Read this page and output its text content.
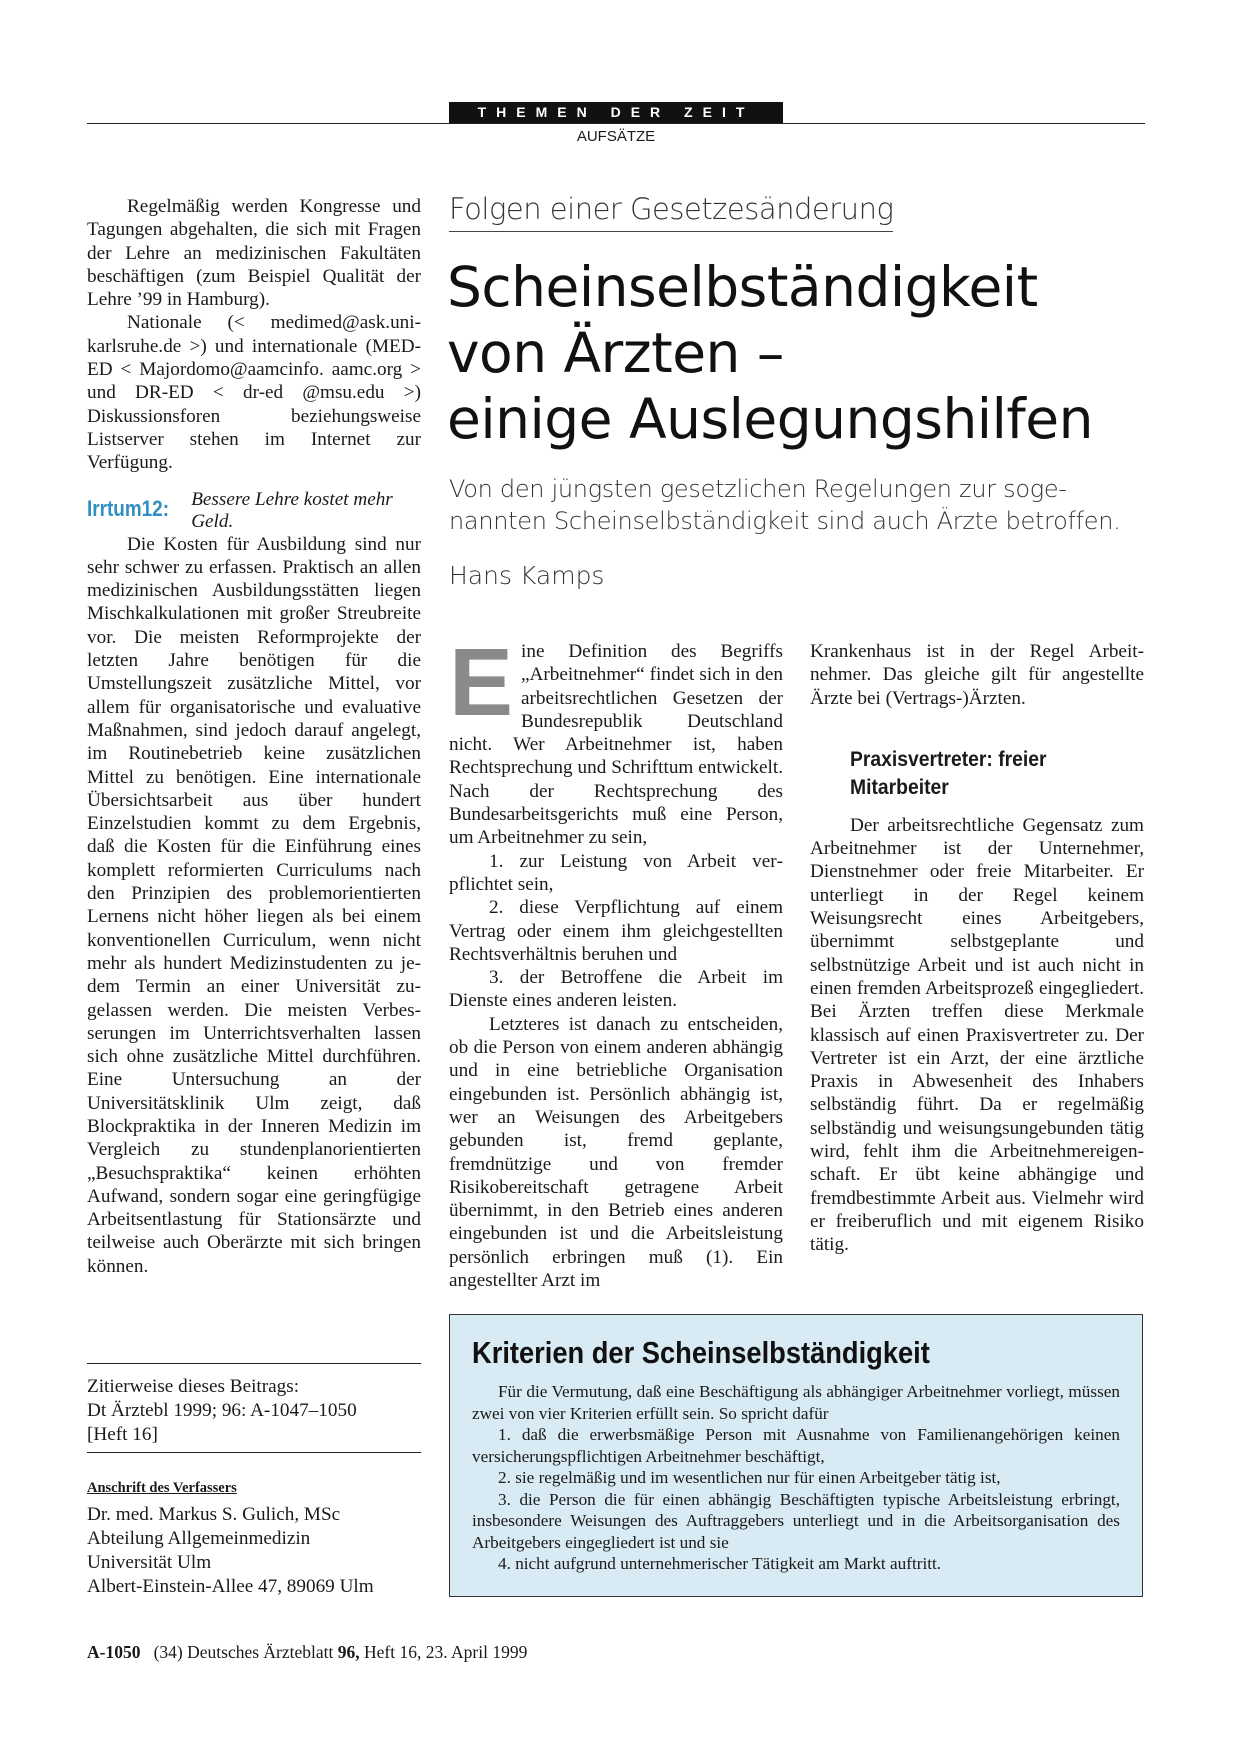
THEMEN DER ZEIT
AUFSÄTZE

Regelmäßig werden Kongresse und Tagungen abgehalten, die sich mit Fragen der Lehre an medizinischen Fakultäten beschäftigen (zum Beispiel Qualität der Lehre ’99 in Hamburg).

Nationale (< medimed@ask.unikarlsruhe.de >) und internationale (MED-ED < Majordomo@aamcinfo. aamc.org > und DR-ED < dr-ed @msu.edu >) Diskussionsforen beziehungsweise Listserver stehen im Internet zur Verfügung.

Irrtum12: Bessere Lehre kostet mehr Geld.

Die Kosten für Ausbildung sind nur sehr schwer zu erfassen. Praktisch an allen medizinischen Ausbildungsstätten liegen Mischkalkulationen mit großer Streubreite vor. Die meisten Reformprojekte der letzten Jahre benötigen für die Umstellungszeit zusätzliche Mittel, vor allem für organisatorische und evaluative Maßnahmen, sind jedoch darauf angelegt, im Routinebetrieb keine zusätzlichen Mittel zu benötigen. Eine internationale Übersichtsarbeit aus über hundert Einzelstudien kommt zu dem Ergebnis, daß die Kosten für die Einführung eines komplett reformierten Curriculums nach den Prinzipien des problemorientierten Lernens nicht höher liegen als bei einem konventionellen Curriculum, wenn nicht mehr als hundert Medizinstudenten zu jedem Termin an einer Universität zugelassen werden. Die meisten Verbesserungen im Unterrichtsverhalten lassen sich ohne zusätzliche Mittel durchführen. Eine Untersuchung an der Universitätsklinik Ulm zeigt, daß Blockpraktika in der Inneren Medizin im Vergleich zu stundenplanorientierten „Besuchspraktika“ keinen erhöhten Aufwand, sondern sogar eine geringfügige Arbeitsentlastung für Stationsärzte und teilweise auch Oberärzte mit sich bringen können.

Zitierweise dieses Beitrags:
Dt Ärztebl 1999; 96: A-1047–1050
[Heft 16]
Anschrift des Verfassers
Dr. med. Markus S. Gulich, MSc
Abteilung Allgemeinmedizin
Universität Ulm
Albert-Einstein-Allee 47, 89069 Ulm
Folgen einer Gesetzesänderung
Scheinselbständigkeit
von Ärzten –
einige Auslegungshilfen
Von den jüngsten gesetzlichen Regelungen zur soge-
nannten Scheinselbständigkeit sind auch Ärzte betroffen.
Hans Kamps

Eine Definition des Begriffs „Arbeitnehmer“ findet sich in den arbeitsrechtlichen Gesetzen der Bundesrepublik Deutschland nicht. Wer Arbeitnehmer ist, haben Rechtsprechung und Schrifttum entwickelt. Nach der Rechtsprechung des Bundesarbeitsgerichts muß eine Person, um Arbeitnehmer zu sein,

1. zur Leistung von Arbeit verpflichtet sein,

2. diese Verpflichtung auf einem Vertrag oder einem ihm gleichgestellten Rechtsverhältnis beruhen und

3. der Betroffene die Arbeit im Dienste eines anderen leisten.

Letzteres ist danach zu entscheiden, ob die Person von einem anderen abhängig und in eine betriebliche Organisation eingebunden ist. Persönlich abhängig ist, wer an Weisungen des Arbeitgebers gebunden ist, fremd geplante, fremdnützige und von fremder Risikobereitschaft getragene Arbeit übernimmt, in den Betrieb eines anderen eingebunden ist und die Arbeitsleistung persönlich erbringen muß (1). Ein angestellter Arzt im

Krankenhaus ist in der Regel Arbeitnehmer. Das gleiche gilt für angestellte Ärzte bei (Vertrags-)Ärzten.

Praxisvertreter: freier Mitarbeiter

Der arbeitsrechtliche Gegensatz zum Arbeitnehmer ist der Unternehmer, Dienstnehmer oder freie Mitarbeiter. Er unterliegt in der Regel keinem Weisungsrecht eines Arbeitgebers, übernimmt selbstgeplante und selbstnützige Arbeit und ist auch nicht in einen fremden Arbeitsprozeß eingegliedert. Bei Ärzten treffen diese Merkmale klassisch auf einen Praxisvertreter zu. Der Vertreter ist ein Arzt, der eine ärztliche Praxis in Abwesenheit des Inhabers selbständig führt. Da er regelmäßig selbständig und weisungsungebunden tätig wird, fehlt ihm die Arbeitnehmereigenschaft. Er übt keine abhängige und fremdbestimmte Arbeit aus. Vielmehr wird er freiberuflich und mit eigenem Risiko tätig.

Kriterien der Scheinselbständigkeit

Für die Vermutung, daß eine Beschäftigung als abhängiger Arbeitnehmer vorliegt, müssen zwei von vier Kriterien erfüllt sein. So spricht dafür

1. daß die erwerbsmäßige Person mit Ausnahme von Familienangehörigen keinen versicherungspflichtigen Arbeitnehmer beschäftigt,

2. sie regelmäßig und im wesentlichen nur für einen Arbeitgeber tätig ist,

3. die Person die für einen abhängig Beschäftigten typische Arbeitsleistung erbringt, insbesondere Weisungen des Auftraggebers unterliegt und in die Arbeitsorganisation des Arbeitgebers eingegliedert ist und sie

4. nicht aufgrund unternehmerischer Tätigkeit am Markt auftritt.

A-1050 (34) Deutsches Ärzteblatt 96, Heft 16, 23. April 1999
